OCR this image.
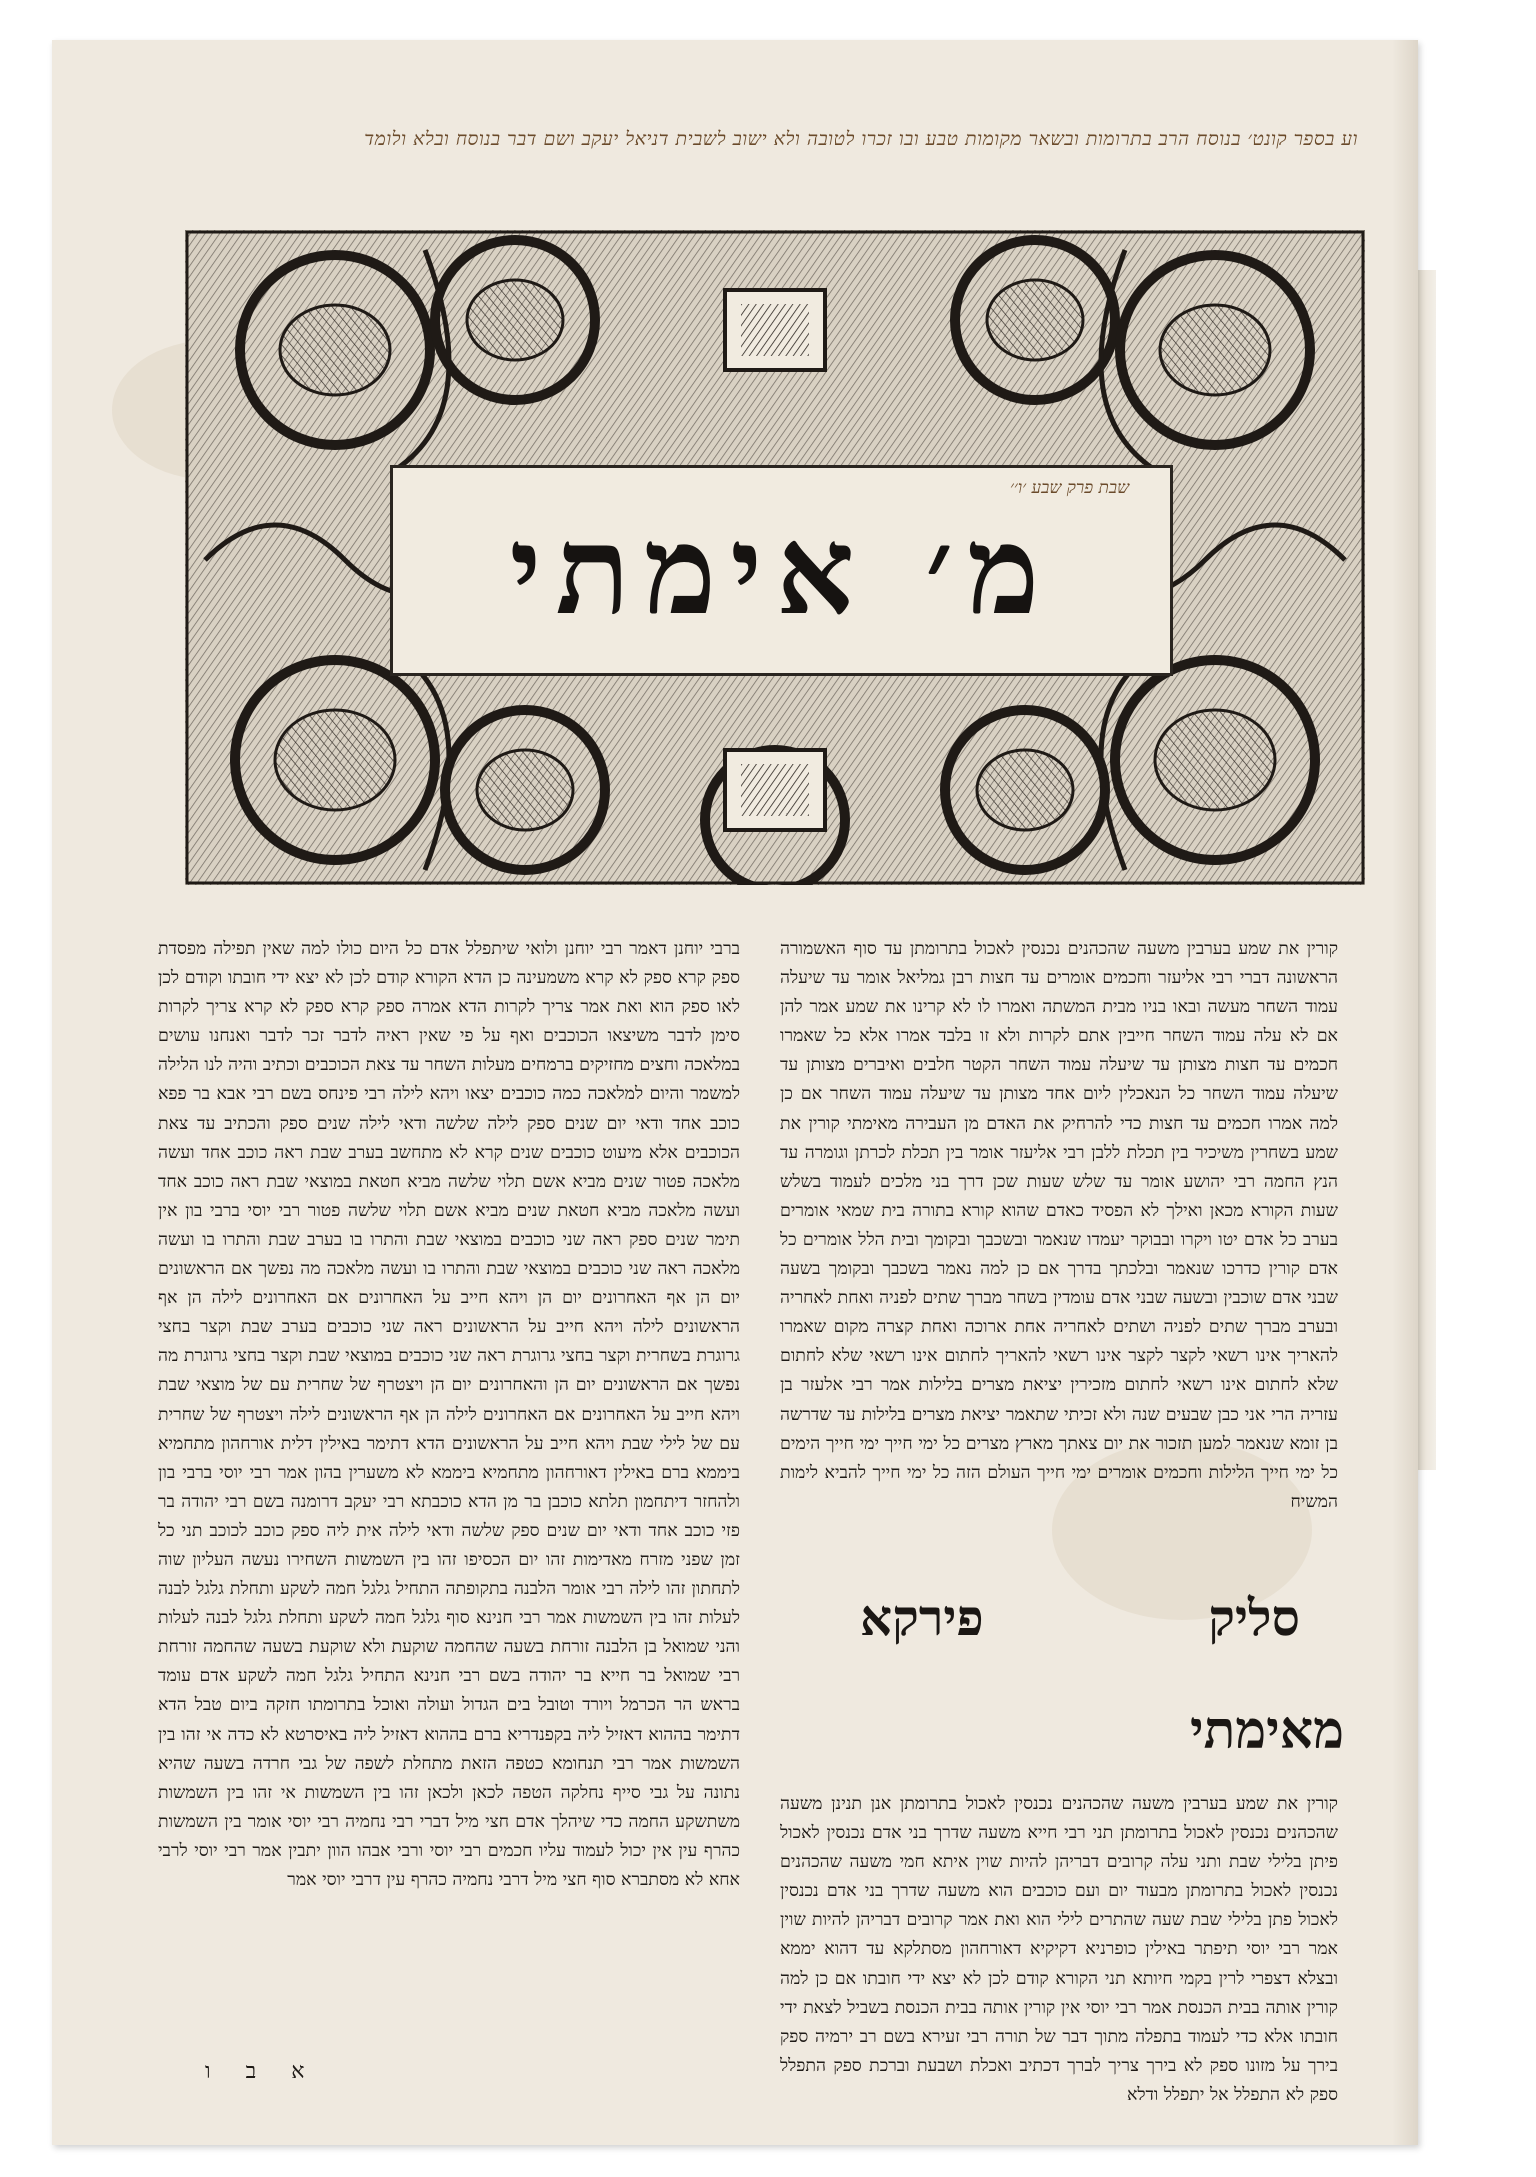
וע בספר קונט׳ בנוסח הרב בתרומות ובשאר מקומות טבע ובו זכרו לטובה ולא ישוב לשבית דניאל יעקב ושם דבר בנוסח ובלא ולומד
מ׳ אימתי
שבת פרק שבע ׳ו׳׳
קורין את שמע בערבין משעה שהכהנים נכנסין לאכול בתרומתן עד סוף האשמורה הראשונה דברי רבי אליעזר וחכמים אומרים עד חצות רבן גמליאל אומר עד שיעלה עמוד השחר מעשה ובאו בניו מבית המשתה ואמרו לו לא קרינו את שמע אמר להן אם לא עלה עמוד השחר חייבין אתם לקרות ולא זו בלבד אמרו אלא כל שאמרו חכמים עד חצות מצותן עד שיעלה עמוד השחר הקטר חלבים ואיברים מצותן עד שיעלה עמוד השחר כל הנאכלין ליום אחד מצותן עד שיעלה עמוד השחר אם כן למה אמרו חכמים עד חצות כדי להרחיק את האדם מן העבירה מאימתי קורין את שמע בשחרין משיכיר בין תכלת ללבן רבי אליעזר אומר בין תכלת לכרתן וגומרה עד הנץ החמה רבי יהושע אומר עד שלש שעות שכן דרך בני מלכים לעמוד בשלש שעות הקורא מכאן ואילך לא הפסיד כאדם שהוא קורא בתורה בית שמאי אומרים בערב כל אדם יטו ויקרו ובבוקר יעמדו שנאמר ובשכבך ובקומך ובית הלל אומרים כל אדם קורין כדרכו שנאמר ובלכתך בדרך אם כן למה נאמר בשכבך ובקומך בשעה שבני אדם שוכבין ובשעה שבני אדם עומדין בשחר מברך שתים לפניה ואחת לאחריה ובערב מברך שתים לפניה ושתים לאחריה אחת ארוכה ואחת קצרה מקום שאמרו להאריך אינו רשאי לקצר לקצר אינו רשאי להאריך לחתום אינו רשאי שלא לחתום שלא לחתום אינו רשאי לחתום מזכירין יציאת מצרים בלילות אמר רבי אלעזר בן עזריה הרי אני כבן שבעים שנה ולא זכיתי שתאמר יציאת מצרים בלילות עד שדרשה בן זומא שנאמר למען תזכור את יום צאתך מארץ מצרים כל ימי חייך ימי חייך הימים כל ימי חייך הלילות וחכמים אומרים ימי חייך העולם הזה כל ימי חייך להביא לימות המשיח
ברבי יוחנן דאמר רבי יוחנן ולואי שיתפלל אדם כל היום כולו למה שאין תפילה מפסדת ספק קרא ספק לא קרא משמעינה כן הדא הקורא קודם לכן לא יצא ידי חובתו וקודם לכן לאו ספק הוא ואת אמר צריך לקרות הדא אמרה ספק קרא ספק לא קרא צריך לקרות סימן לדבר משיצאו הכוכבים ואף על פי שאין ראיה לדבר זכר לדבר ואנחנו עושים במלאכה וחצים מחזיקים ברמחים מעלות השחר עד צאת הכוכבים וכתיב והיה לנו הלילה למשמר והיום למלאכה כמה כוכבים יצאו ויהא לילה רבי פינחס בשם רבי אבא בר פפא כוכב אחד ודאי יום שנים ספק לילה שלשה ודאי לילה שנים ספק והכתיב עד צאת הכוכבים אלא מיעוט כוכבים שנים קרא לא מתחשב בערב שבת ראה כוכב אחד ועשה מלאכה פטור שנים מביא אשם תלוי שלשה מביא חטאת במוצאי שבת ראה כוכב אחד ועשה מלאכה מביא חטאת שנים מביא אשם תלוי שלשה פטור רבי יוסי ברבי בון אין תימר שנים ספק ראה שני כוכבים במוצאי שבת והתרו בו בערב שבת והתרו בו ועשה מלאכה ראה שני כוכבים במוצאי שבת והתרו בו ועשה מלאכה מה נפשך אם הראשונים יום הן אף האחרונים יום הן ויהא חייב על האחרונים אם האחרונים לילה הן אף הראשונים לילה ויהא חייב על הראשונים ראה שני כוכבים בערב שבת וקצר בחצי גרוגרת בשחרית וקצר בחצי גרוגרת ראה שני כוכבים במוצאי שבת וקצר בחצי גרוגרת מה נפשך אם הראשונים יום הן והאחרונים יום הן ויצטרף של שחרית עם של מוצאי שבת ויהא חייב על האחרונים אם האחרונים לילה הן אף הראשונים לילה ויצטרף של שחרית עם של לילי שבת ויהא חייב על הראשונים הדא דתימר באילין דלית אורחהון מתחמיא ביממא ברם באילין דאורחהון מתחמיא ביממא לא משערין בהון אמר רבי יוסי ברבי בון ולהחזר דיתחמון תלתא כוכבן בר מן הדא כוכבתא רבי יעקב דרומנה בשם רבי יהודה בר פזי כוכב אחד ודאי יום שנים ספק שלשה ודאי לילה אית ליה ספק כוכב לכוכב תני כל זמן שפני מזרח מאדימות זהו יום הכסיפו זהו בין השמשות השחירו נעשה העליון שוה לתחתון זהו לילה רבי אומר הלבנה בתקופתה התחיל גלגל חמה לשקע ותחלת גלגל לבנה לעלות זהו בין השמשות אמר רבי חנינא סוף גלגל חמה לשקע ותחלת גלגל לבנה לעלות והני שמואל בן הלבנה זורחת בשעה שהחמה שוקעת ולא שוקעת בשעה שהחמה זורחת רבי שמואל בר חייא בר יהודה בשם רבי חנינא התחיל גלגל חמה לשקע אדם עומד בראש הר הכרמל ויורד וטובל בים הגדול ועולה ואוכל בתרומתו חזקה ביום טבל הדא דתימר בההוא דאזיל ליה בקפנדריא ברם בההוא דאזיל ליה באיסרטא לא כדה אי זהו בין השמשות אמר רבי תנחומא כטפה הזאת מתחלת לשפה של גבי חרדה בשעה שהיא נתונה על גבי סייף נחלקה הטפה לכאן ולכאן זהו בין השמשות אי זהו בין השמשות משתשקע החמה כדי שיהלך אדם חצי מיל דברי רבי נחמיה רבי יוסי אומר בין השמשות כהרף עין אין יכול לעמוד עליו חכמים רבי יוסי ורבי אבהו הוון יתבין אמר רבי יוסי לרבי אחא לא מסתברא סוף חצי מיל דרבי נחמיה כהרף עין דרבי יוסי אמר
סליק
פירקא
מאימתי
קורין את שמע בערבין משעה שהכהנים נכנסין לאכול בתרומתן אנן תנינן משעה שהכהנים נכנסין לאכול בתרומתן תני רבי חייא משעה שדרך בני אדם נכנסין לאכול פיתן בלילי שבת ותני עלה קרובים דבריהן להיות שוין איתא חמי משעה שהכהנים נכנסין לאכול בתרומתן מבעוד יום ועם כוכבים הוא משעה שדרך בני אדם נכנסין לאכול פתן בלילי שבת שעה שהתרים לילי הוא ואת אמר קרובים דבריהן להיות שוין אמר רבי יוסי תיפתר באילין כופרניא דקיקיא דאורחהון מסתלקא עד דהוא יממא ובצלא דצפרי לרין בקמי חיותא תני הקורא קודם לכן לא יצא ידי חובתו אם כן למה קורין אותה בבית הכנסת אמר רבי יוסי אין קורין אותה בבית הכנסת בשביל לצאת ידי חובתו אלא כדי לעמוד בתפלה מתוך דבר של תורה רבי זעירא בשם רב ירמיה ספק בירך על מזונו ספק לא בירך צריך לברך דכתיב ואכלת ושבעת וברכת ספק התפלל ספק לא התפלל אל יתפלל ודלא
א ב ו
